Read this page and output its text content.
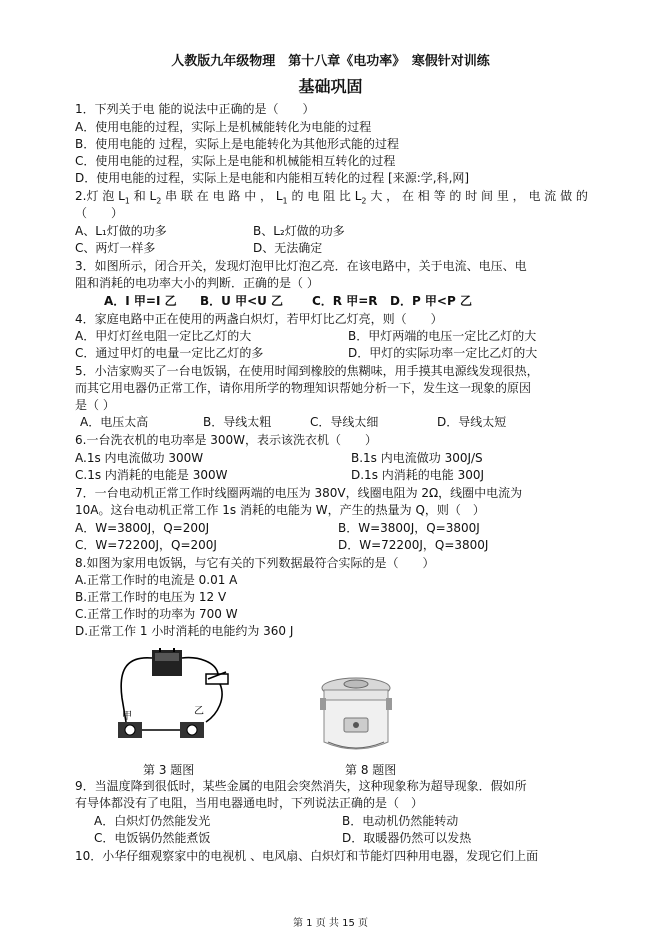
人教版九年级物理　第十八章《电功率》　寒假针对训练
基础巩固
1．下列关于电 能的说法中正确的是（　　）
A．使用电能的过程，实际上是机械能转化为电能的过程
B．使用电能的 过程，实际上是电能转化为其他形式能的过程
C．使用电能的过程，实际上是电能和机械能相互转化的过程
D．使用电能的过程，实际上是电能和内能相互转化的过程 [来源:学,科,网]
2.灯 泡 $L_1$ 和 $L_2$ 串 联 在 电 路 中 ， $L_1$ 的 电 阻 比 $L_2$ 大 ， 在 相 等 的 时 间 里 ， 电 流 做 的
（　　）
A、L₁灯做的功多	B、L₂灯做的功多
C、两灯一样多	D、无法确定
3．如图所示，闭合开关，发现灯泡甲比灯泡乙亮．在该电路中，关于电流、电压、电
阻和消耗的电功率大小的判断．正确的是（ ）
A．I 甲=I 乙 B．U 甲<U 乙 C．R 甲=R D．P 甲<P 乙
4．家庭电路中正在使用的两盏白炽灯，若甲灯比乙灯亮，则（　　）
A．甲灯灯丝电阻一定比乙灯的大	B．甲灯两端的电压一定比乙灯的大
C．通过甲灯的电量一定比乙灯的多	D．甲灯的实际功率一定比乙灯的大
5．小洁家购买了一台电饭锅，在使用时闻到橡胶的焦糊味，用手摸其电源线发现很热，
而其它用电器仍正常工作，请你用所学的物理知识帮她分析一下，发生这一现象的原因
是（ ）
A．电压太高	B．导线太粗	C．导线太细	D．导线太短
6.一台洗衣机的电功率是 300W，表示该洗衣机（　　）
A.1s 内电流做功 300W	B.1s 内电流做功 300J/S
C.1s 内消耗的电能是 300W	D.1s 内消耗的电能 300J
7．一台电动机正常工作时线圈两端的电压为 380V，线圈电阻为 2Ω，线圈中电流为
10A。这台电动机正常工作 1s 消耗的电能为 W，产生的热量为 Q，则（　）
A．W=3800J，Q=200J	B．W=3800J，Q=3800J
C．W=72200J，Q=200J	D．W=72200J，Q=3800J
8.如图为家用电饭锅，与它有关的下列数据最符合实际的是（　　）
A.正常工作时的电流是 0.01 A
B.正常工作时的电压为 12 V
C.正常工作时的功率为 700 W
D.正常工作 1 小时消耗的电能约为 360 J
甲	乙
第 3 题图	第 8 题图
9．当温度降到很低时，某些金属的电阻会突然消失，这种现象称为超导现象．假如所
有导体都没有了电阻，当用电器通电时，下列说法正确的是（　）
A．白炽灯仍然能发光	B．电动机仍然能转动
C．电饭锅仍然能煮饭	D．取暖器仍然可以发热
10．小华仔细观察家中的电视机 、电风扇、白炽灯和节能灯四种用电器，发现它们上面
第 1 页 共 15 页
